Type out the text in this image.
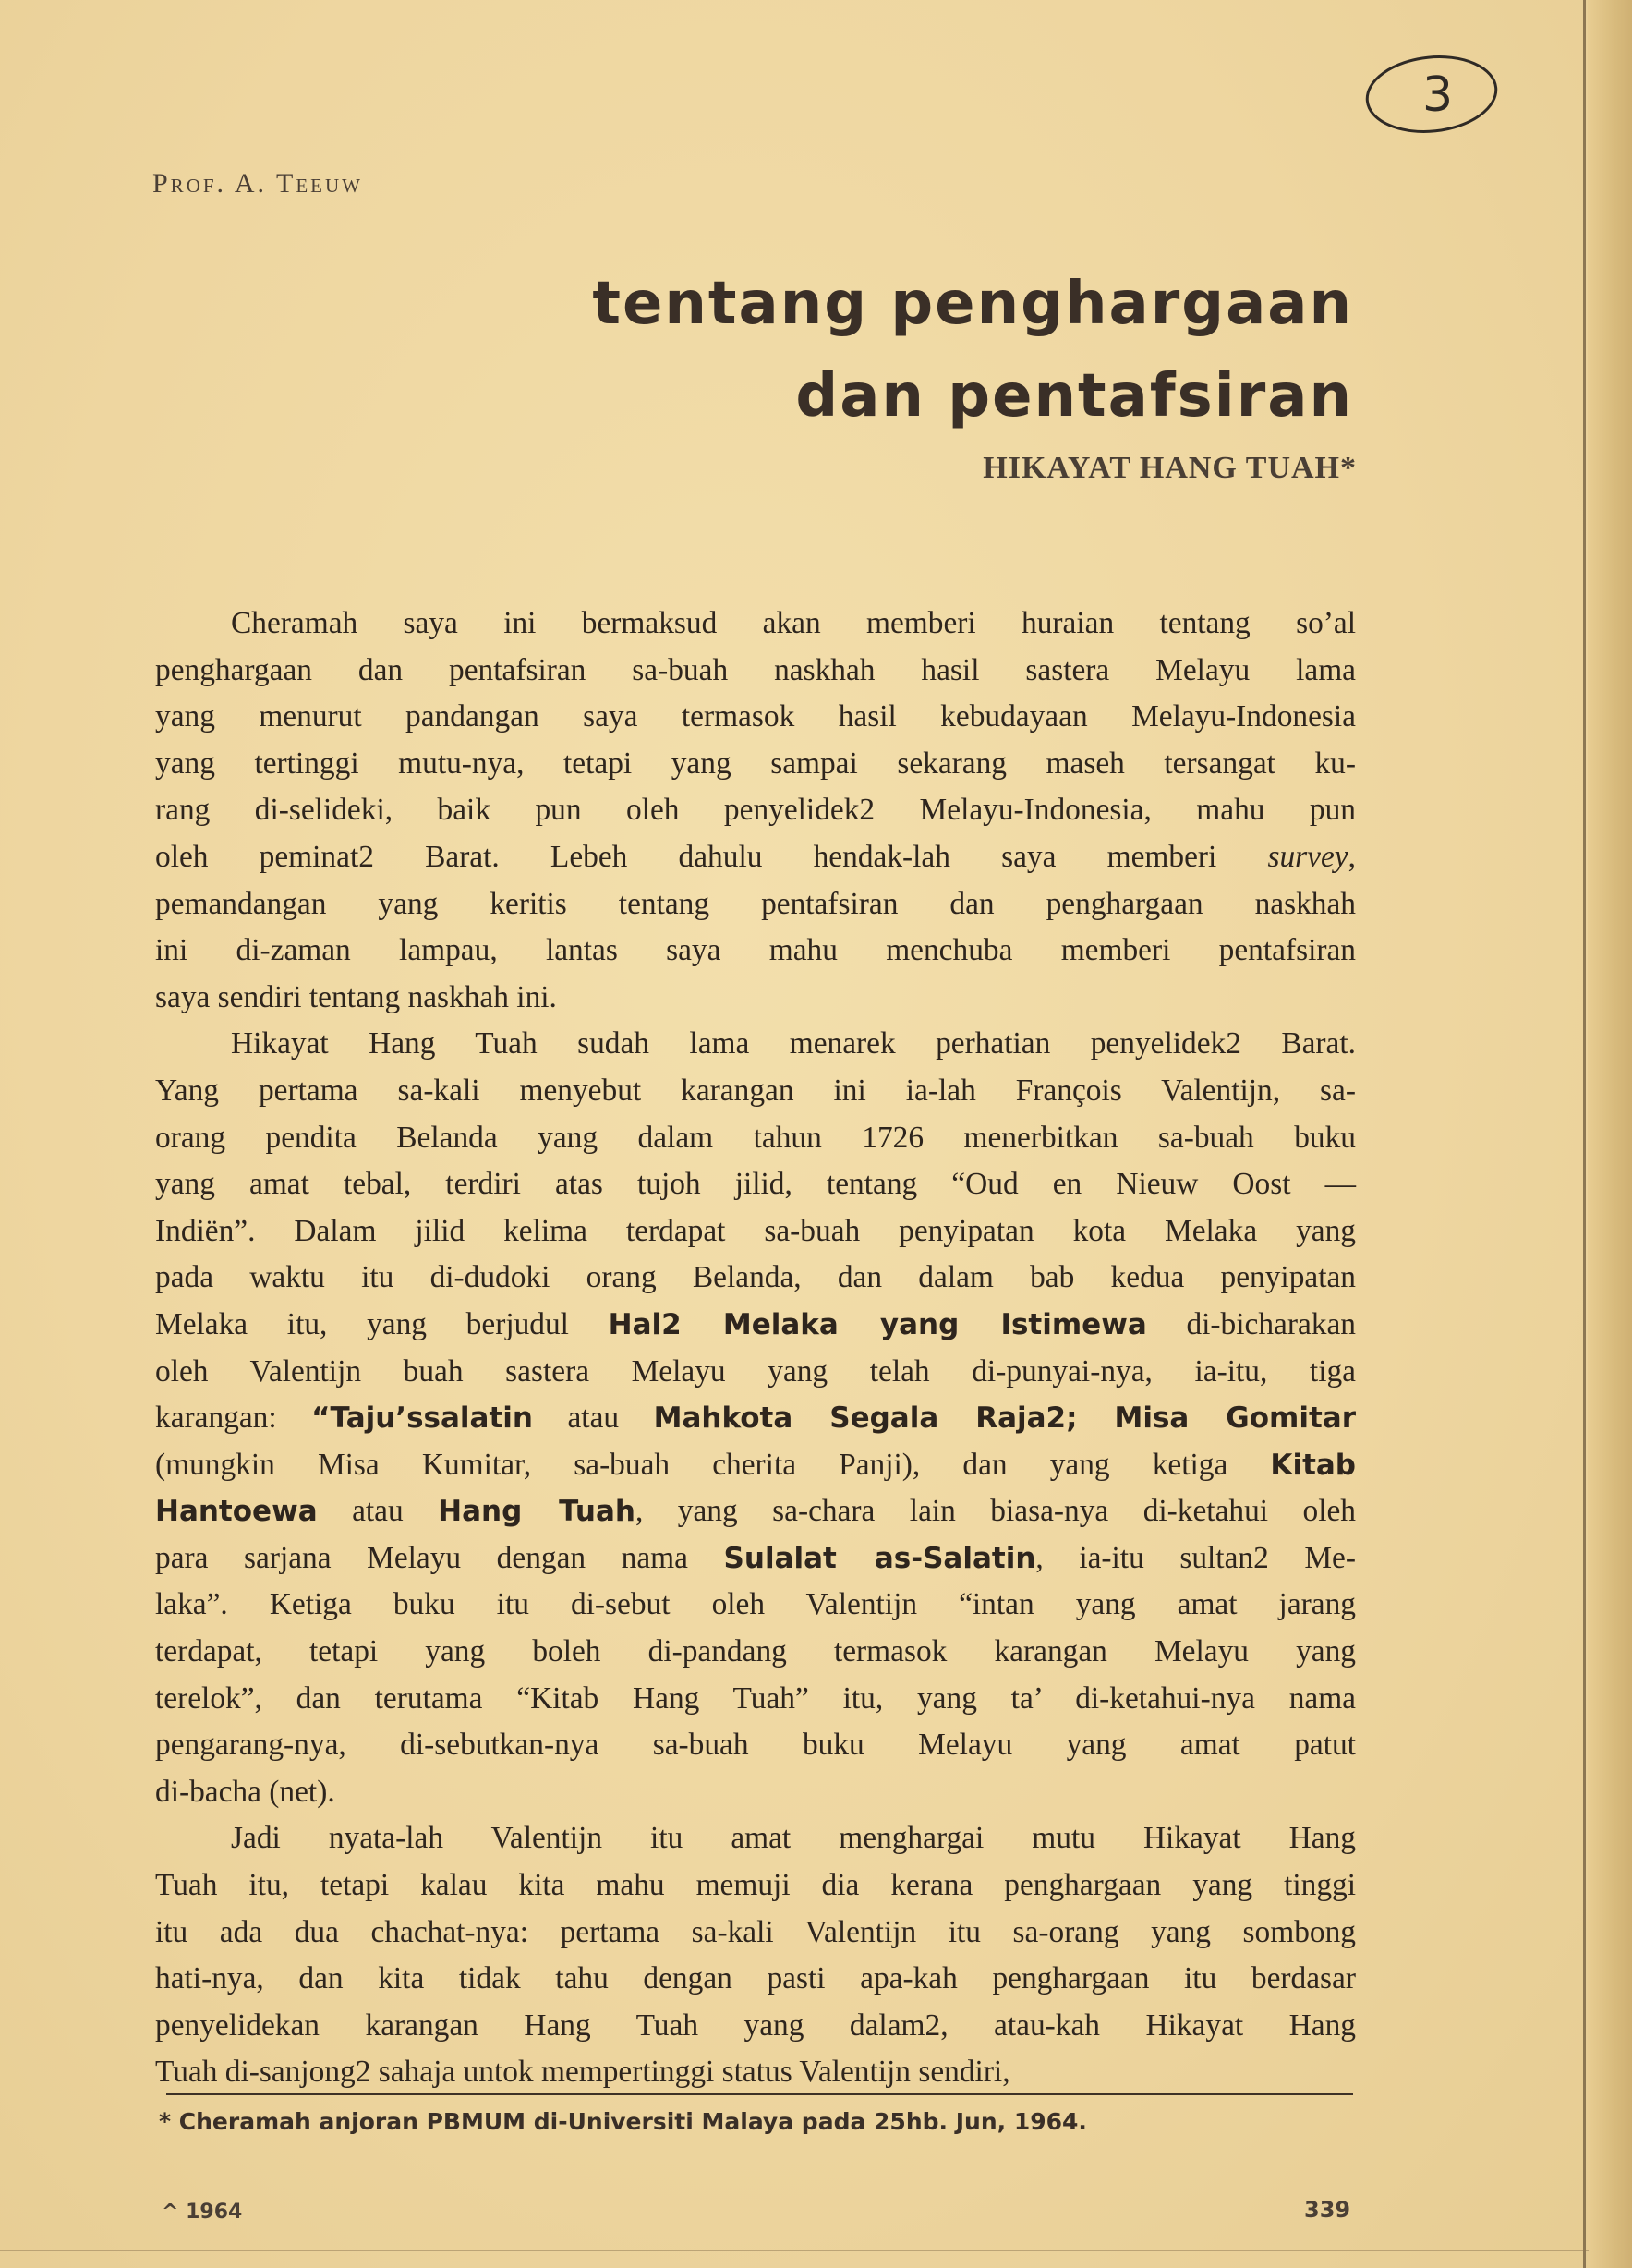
3
Prof. A. Teeuw
tentang penghargaan
dan pentafsiran
HIKAYAT HANG TUAH*
Cheramah saya ini bermaksud akan memberi huraian tentang so’al
penghargaan dan pentafsiran sa-buah naskhah hasil sastera Melayu lama
yang menurut pandangan saya termasok hasil kebudayaan Melayu-Indonesia
yang tertinggi mutu-nya, tetapi yang sampai sekarang maseh tersangat ku-
rang di-selideki, baik pun oleh penyelidek2 Melayu-Indonesia, mahu pun
oleh peminat2 Barat. Lebeh dahulu hendak-lah saya memberi survey,
pemandangan yang keritis tentang pentafsiran dan penghargaan naskhah
ini di-zaman lampau, lantas saya mahu menchuba memberi pentafsiran
saya sendiri tentang naskhah ini.
Hikayat Hang Tuah sudah lama menarek perhatian penyelidek2 Barat.
Yang pertama sa-kali menyebut karangan ini ia-lah François Valentijn, sa-
orang pendita Belanda yang dalam tahun 1726 menerbitkan sa-buah buku
yang amat tebal, terdiri atas tujoh jilid, tentang “Oud en Nieuw Oost —
Indiën”. Dalam jilid kelima terdapat sa-buah penyipatan kota Melaka yang
pada waktu itu di-dudoki orang Belanda, dan dalam bab kedua penyipatan
Melaka itu, yang berjudul Hal2 Melaka yang Istimewa di-bicharakan
oleh Valentijn buah sastera Melayu yang telah di-punyai-nya, ia-itu, tiga
karangan: “Taju’ssalatin atau Mahkota Segala Raja2; Misa Gomitar
(mungkin Misa Kumitar, sa-buah cherita Panji), dan yang ketiga Kitab
Hantoewa atau Hang Tuah, yang sa-chara lain biasa-nya di-ketahui oleh
para sarjana Melayu dengan nama Sulalat as-Salatin, ia-itu sultan2 Me-
laka”. Ketiga buku itu di-sebut oleh Valentijn “intan yang amat jarang
terdapat, tetapi yang boleh di-pandang termasok karangan Melayu yang
terelok”, dan terutama “Kitab Hang Tuah” itu, yang ta’ di-ketahui-nya nama
pengarang-nya, di-sebutkan-nya sa-buah buku Melayu yang amat patut
di-bacha (net).
Jadi nyata-lah Valentijn itu amat menghargai mutu Hikayat Hang
Tuah itu, tetapi kalau kita mahu memuji dia kerana penghargaan yang tinggi
itu ada dua chachat-nya: pertama sa-kali Valentijn itu sa-orang yang sombong
hati-nya, dan kita tidak tahu dengan pasti apa-kah penghargaan itu berdasar
penyelidekan karangan Hang Tuah yang dalam2, atau-kah Hikayat Hang
Tuah di-sanjong2 sahaja untok mempertinggi status Valentijn sendiri,
* Cheramah anjoran PBMUM di-Universiti Malaya pada 25hb. Jun, 1964.
^ 1964	339
